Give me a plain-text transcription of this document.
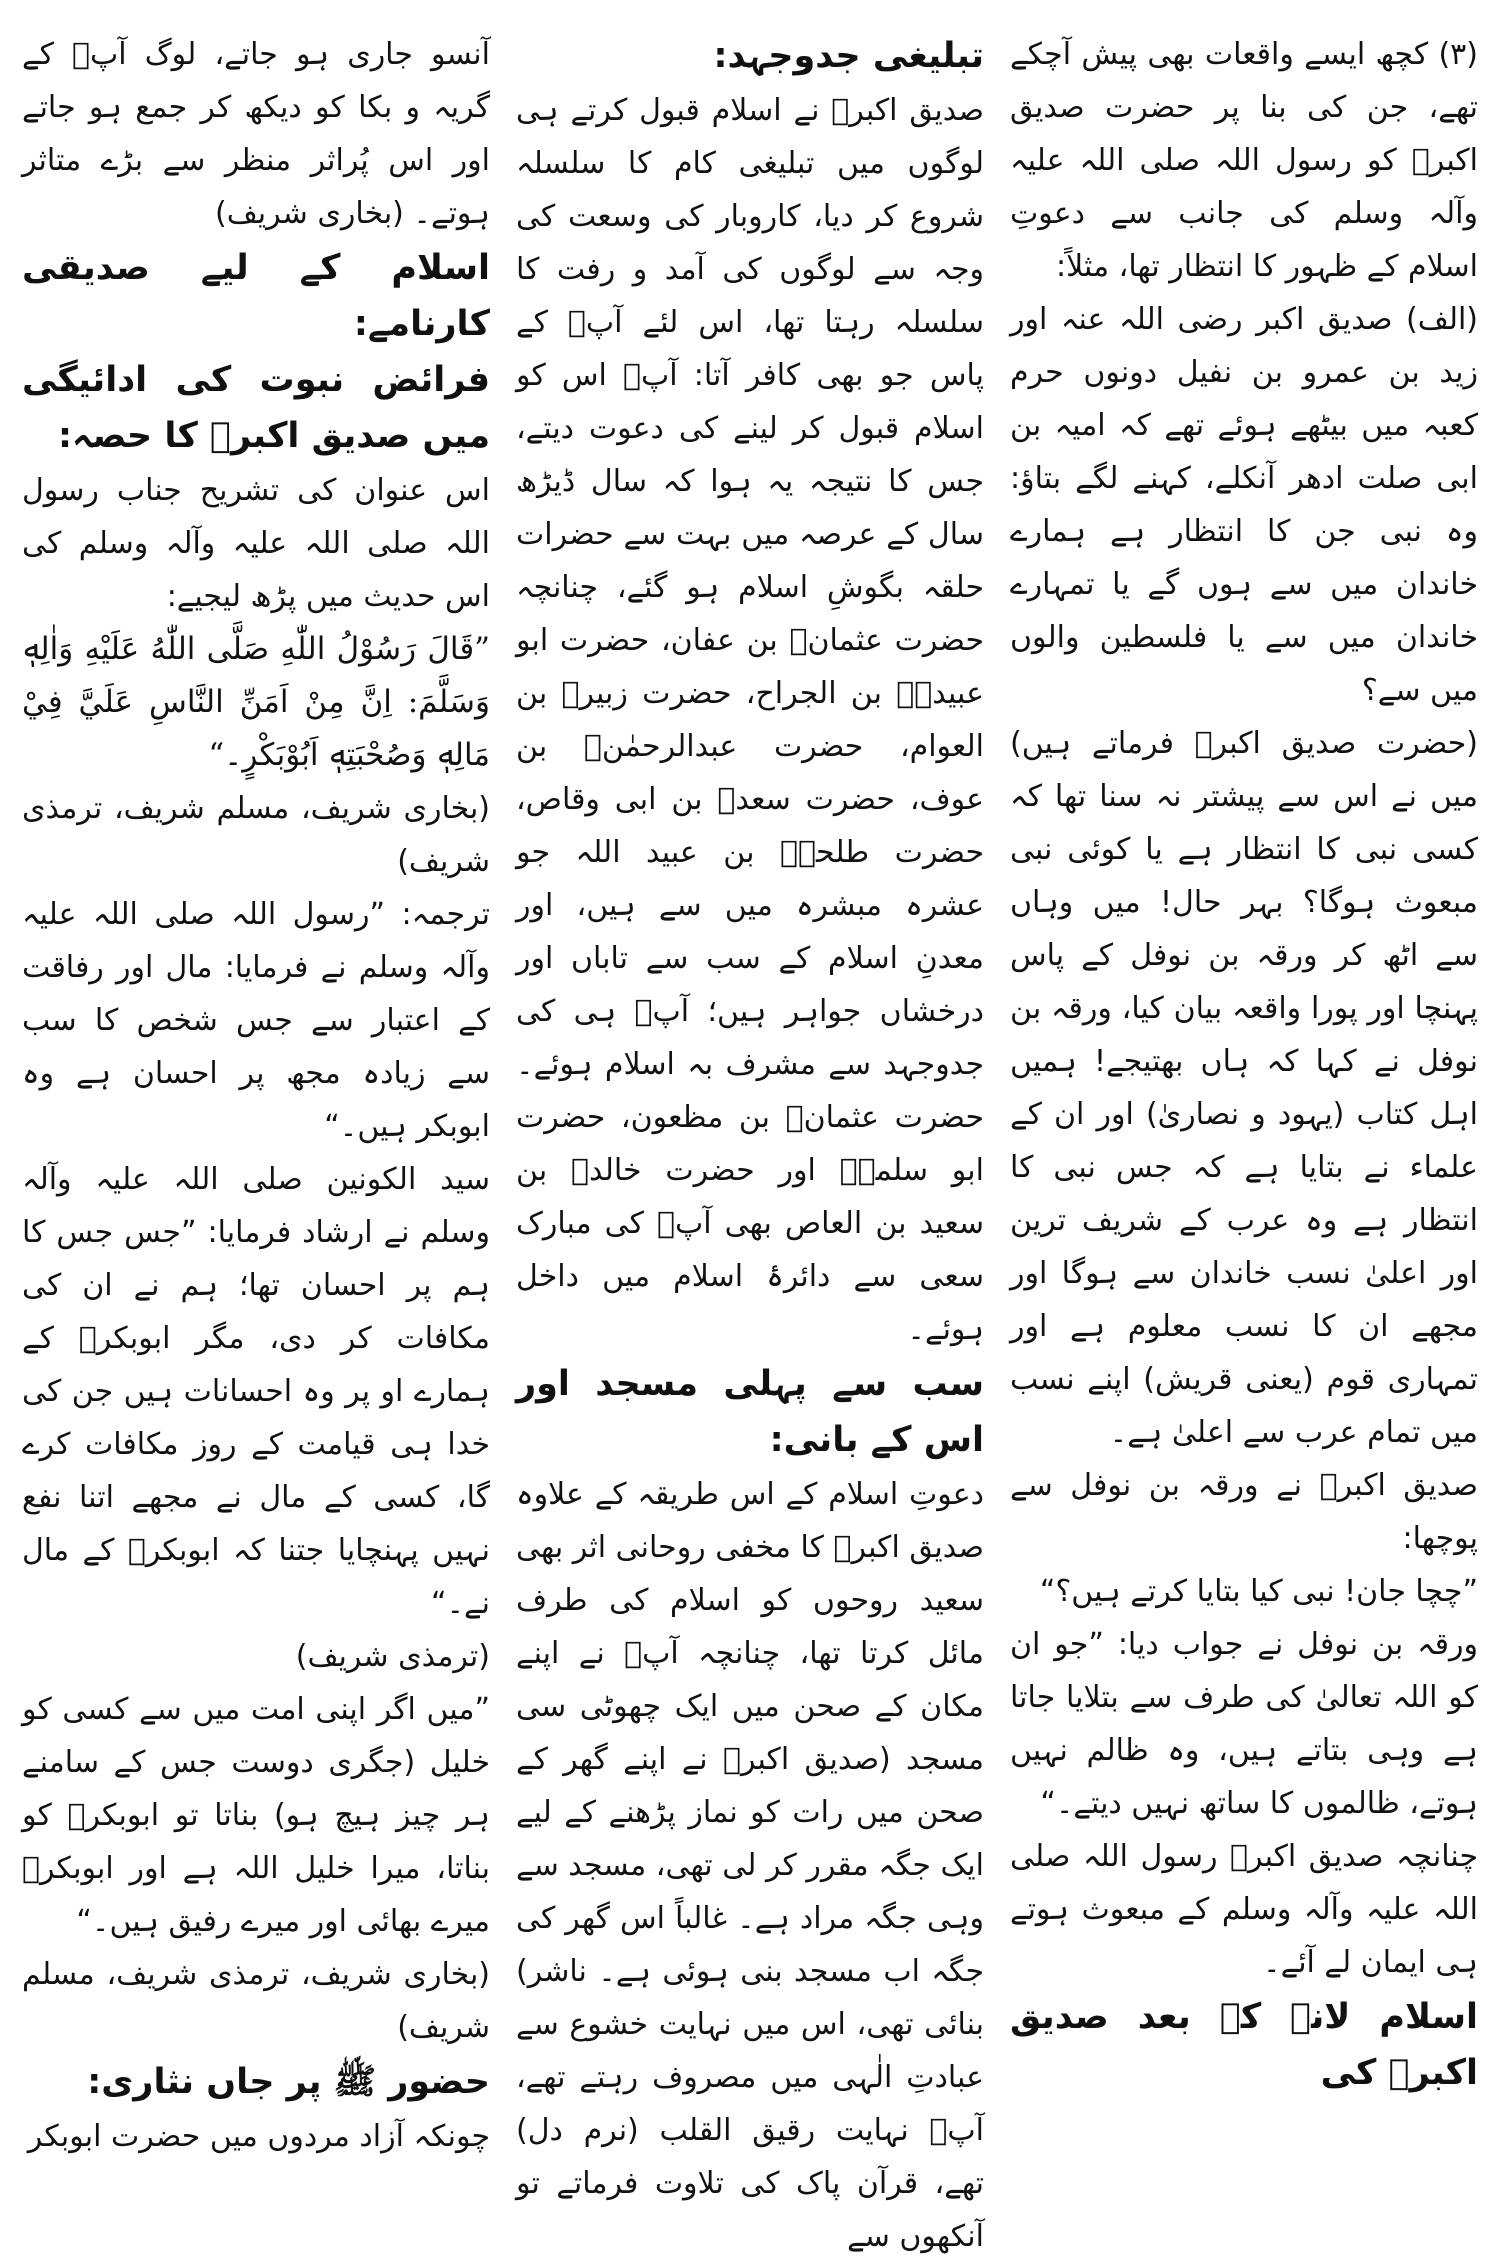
(۳) کچھ ایسے واقعات بھی پیش آچکے تھے، جن کی بنا پر حضرت صدیق اکبرؓ کو رسول اللہ صلی اللہ علیہ وآلہ وسلم کی جانب سے دعوتِ اسلام کے ظہور کا انتظار تھا، مثلاً:

(الف) صدیق اکبر رضی اللہ عنہ اور زید بن عمرو بن نفیل دونوں حرم کعبہ میں بیٹھے ہوئے تھے کہ امیہ بن ابی صلت ادھر آنکلے، کہنے لگے بتاؤ: وہ نبی جن کا انتظار ہے ہمارے خاندان میں سے ہوں گے یا تمہارے خاندان میں سے یا فلسطین والوں میں سے؟

(حضرت صدیق اکبرؓ فرماتے ہیں) میں نے اس سے پیشتر نہ سنا تھا کہ کسی نبی کا انتظار ہے یا کوئی نبی مبعوث ہوگا؟ بہر حال! میں وہاں سے اٹھ کر ورقہ بن نوفل کے پاس پہنچا اور پورا واقعہ بیان کیا، ورقہ بن نوفل نے کہا کہ ہاں بھتیجے! ہمیں اہل کتاب (یہود و نصاریٰ) اور ان کے علماء نے بتایا ہے کہ جس نبی کا انتظار ہے وہ عرب کے شریف ترین اور اعلیٰ نسب خاندان سے ہوگا اور مجھے ان کا نسب معلوم ہے اور تمہاری قوم (یعنی قریش) اپنے نسب میں تمام عرب سے اعلیٰ ہے۔

صدیق اکبرؓ نے ورقہ بن نوفل سے پوچھا:

”چچا جان! نبی کیا بتایا کرتے ہیں؟“

ورقہ بن نوفل نے جواب دیا: ”جو ان کو اللہ تعالیٰ کی طرف سے بتلایا جاتا ہے وہی بتاتے ہیں، وہ ظالم نہیں ہوتے، ظالموں کا ساتھ نہیں دیتے۔“

چنانچہ صدیق اکبرؓ رسول اللہ صلی اللہ علیہ وآلہ وسلم کے مبعوث ہوتے ہی ایمان لے آئے۔

اسلام لانے کے بعد صدیق اکبرؓ کی

تبلیغی جدوجہد:

صدیق اکبرؓ نے اسلام قبول کرتے ہی لوگوں میں تبلیغی کام کا سلسلہ شروع کر دیا، کاروبار کی وسعت کی وجہ سے لوگوں کی آمد و رفت کا سلسلہ رہتا تھا، اس لئے آپؓ کے پاس جو بھی کافر آتا: آپؓ اس کو اسلام قبول کر لینے کی دعوت دیتے، جس کا نتیجہ یہ ہوا کہ سال ڈیڑھ سال کے عرصہ میں بہت سے حضرات حلقہ بگوشِ اسلام ہو گئے، چنانچہ حضرت عثمانؓ بن عفان، حضرت ابو عبیدہؓ بن الجراح، حضرت زبیرؓ بن العوام، حضرت عبدالرحمٰنؓ بن عوف، حضرت سعدؓ بن ابی وقاص، حضرت طلحہؓ بن عبید اللہ جو عشرہ مبشرہ میں سے ہیں، اور معدنِ اسلام کے سب سے تاباں اور درخشاں جواہر ہیں؛ آپؓ ہی کی جدوجہد سے مشرف بہ اسلام ہوئے۔ حضرت عثمانؓ بن مظعون، حضرت ابو سلمہؓ اور حضرت خالدؓ بن سعید بن العاص بھی آپؓ کی مبارک سعی سے دائرۂ اسلام میں داخل ہوئے۔

سب سے پہلی مسجد اور اس کے بانی:

دعوتِ اسلام کے اس طریقہ کے علاوہ صدیق اکبرؓ کا مخفی روحانی اثر بھی سعید روحوں کو اسلام کی طرف مائل کرتا تھا، چنانچہ آپؓ نے اپنے مکان کے صحن میں ایک چھوٹی سی مسجد (صدیق اکبرؓ نے اپنے گھر کے صحن میں رات کو نماز پڑھنے کے لیے ایک جگہ مقرر کر لی تھی، مسجد سے وہی جگہ مراد ہے۔ غالباً اس گھر کی جگہ اب مسجد بنی ہوئی ہے۔ ناشر) بنائی تھی، اس میں نہایت خشوع سے عبادتِ الٰہی میں مصروف رہتے تھے، آپؓ نہایت رقیق القلب (نرم دل) تھے، قرآن پاک کی تلاوت فرماتے تو آنکھوں سے

آنسو جاری ہو جاتے، لوگ آپؓ کے گریہ و بکا کو دیکھ کر جمع ہو جاتے اور اس پُراثر منظر سے بڑے متاثر ہوتے۔ (بخاری شریف)

اسلام کے لیے صدیقی کارنامے:

فرائض نبوت کی ادائیگی میں صدیق اکبرؓ کا حصہ:

اس عنوان کی تشریح جناب رسول اللہ صلی اللہ علیہ وآلہ وسلم کی اس حدیث میں پڑھ لیجیے:

”قَالَ رَسُوْلُ اللّٰهِ صَلَّى اللّٰهُ عَلَيْهِ وَاٰلِهٖ وَسَلَّمَ: اِنَّ مِنْ اَمَنِّ النَّاسِ عَلَيَّ فِيْ مَالِهٖ وَصُحْبَتِهٖ اَبُوْبَكْرٍ۔“

(بخاری شریف، مسلم شریف، ترمذی شریف)

ترجمہ: ”رسول اللہ صلی اللہ علیہ وآلہ وسلم نے فرمایا: مال اور رفاقت کے اعتبار سے جس شخص کا سب سے زیادہ مجھ پر احسان ہے وہ ابوبکر ہیں۔“

سید الکونین صلی اللہ علیہ وآلہ وسلم نے ارشاد فرمایا: ”جس جس کا ہم پر احسان تھا؛ ہم نے ان کی مکافات کر دی، مگر ابوبکرؓ کے ہمارے او پر وہ احسانات ہیں جن کی خدا ہی قیامت کے روز مکافات کرے گا، کسی کے مال نے مجھے اتنا نفع نہیں پہنچایا جتنا کہ ابوبکرؓ کے مال نے۔“

(ترمذی شریف)

”میں اگر اپنی امت میں سے کسی کو خلیل (جگری دوست جس کے سامنے ہر چیز ہیچ ہو) بناتا تو ابوبکرؓ کو بناتا، میرا خلیل اللہ ہے اور ابوبکرؓ میرے بھائی اور میرے رفیق ہیں۔“

(بخاری شریف، ترمذی شریف، مسلم شریف)

حضور ﷺ پر جاں نثاری:

چونکہ آزاد مردوں میں حضرت ابوبکر
